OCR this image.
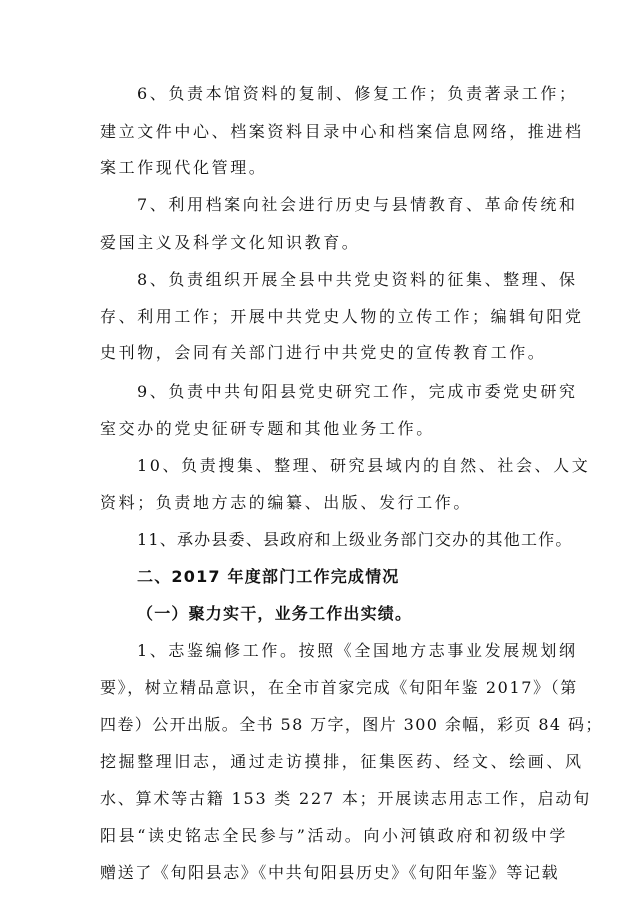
6、负责本馆资料的复制、修复工作；负责著录工作；
建立文件中心、档案资料目录中心和档案信息网络，推进档
案工作现代化管理。
7、利用档案向社会进行历史与县情教育、革命传统和
爱国主义及科学文化知识教育。
8、负责组织开展全县中共党史资料的征集、整理、保
存、利用工作；开展中共党史人物的立传工作；编辑旬阳党
史刊物，会同有关部门进行中共党史的宣传教育工作。
9、负责中共旬阳县党史研究工作，完成市委党史研究
室交办的党史征研专题和其他业务工作。
10、负责搜集、整理、研究县域内的自然、社会、人文
资料；负责地方志的编纂、出版、发行工作。
11、承办县委、县政府和上级业务部门交办的其他工作。
二、2017 年度部门工作完成情况
（一）聚力实干，业务工作出实绩。
1、志鉴编修工作。按照《全国地方志事业发展规划纲
要》，树立精品意识，在全市首家完成《旬阳年鉴 2017》（第
四卷）公开出版。全书 58 万字，图片 300 余幅，彩页 84 码；
挖掘整理旧志，通过走访摸排，征集医药、经文、绘画、风
水、算术等古籍 153 类 227 本；开展读志用志工作，启动旬
阳县“读史铭志全民参与”活动。向小河镇政府和初级中学
赠送了《旬阳县志》《中共旬阳县历史》《旬阳年鉴》等记载
